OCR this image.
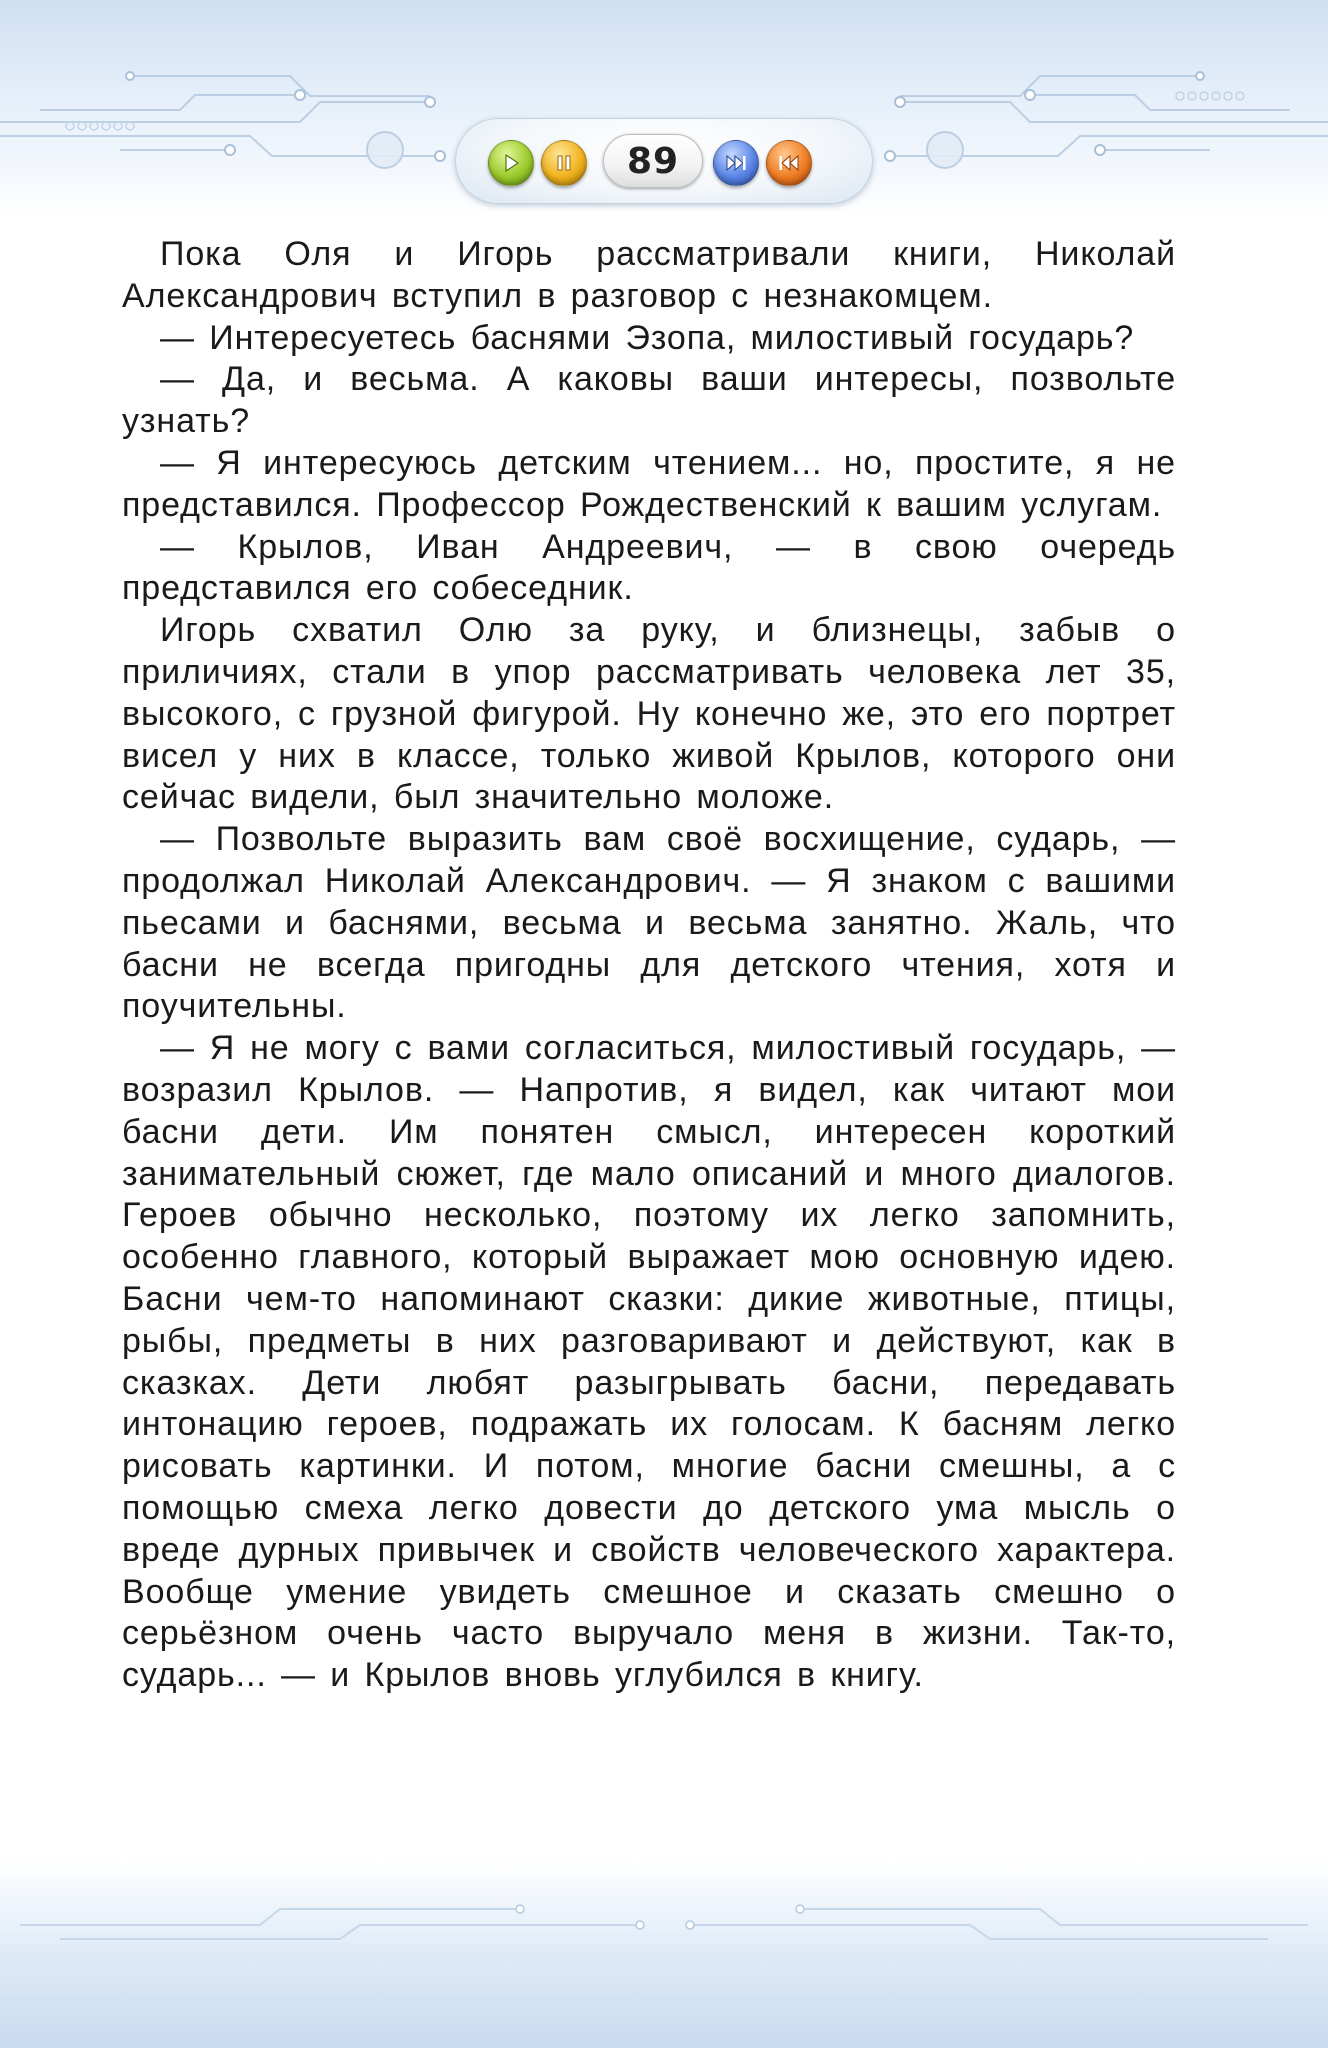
89

Пока Оля и Игорь рассматривали книги, Николай Александрович вступил в разговор с незнакомцем.

— Интересуетесь баснями Эзопа, милостивый государь?

— Да, и весьма. А каковы ваши интересы, позвольте узнать?

— Я интересуюсь детским чтением... но, простите, я не представился. Профессор Рождественский к вашим услугам.

— Крылов, Иван Андреевич, — в свою очередь представился его собеседник.

Игорь схватил Олю за руку, и близнецы, забыв о приличиях, стали в упор рассматривать человека лет 35, высокого, с грузной фигурой. Ну конечно же, это его портрет висел у них в классе, только живой Крылов, которого они сейчас видели, был значительно моложе.

— Позвольте выразить вам своё восхищение, сударь, — продолжал Николай Александрович. — Я знаком с вашими пьесами и баснями, весьма и весьма занятно. Жаль, что басни не всегда пригодны для детского чтения, хотя и поучительны.

— Я не могу с вами согласиться, милостивый государь, — возразил Крылов. — Напротив, я видел, как читают мои басни дети. Им понятен смысл, интересен короткий занимательный сюжет, где мало описаний и много диалогов. Героев обычно несколько, поэтому их легко запомнить, особенно главного, который выражает мою основную идею. Басни чем-то напоминают сказки: дикие животные, птицы, рыбы, предметы в них разговаривают и действуют, как в сказках. Дети любят разыгрывать басни, передавать интонацию героев, подражать их голосам. К басням легко рисовать картинки. И потом, многие басни смешны, а с помощью смеха легко довести до детского ума мысль о вреде дурных привычек и свойств человеческого характера. Вообще умение увидеть смешное и сказать смешно о серьёзном очень часто выручало меня в жизни. Так-то, сударь... — и Крылов вновь углубился в книгу.
